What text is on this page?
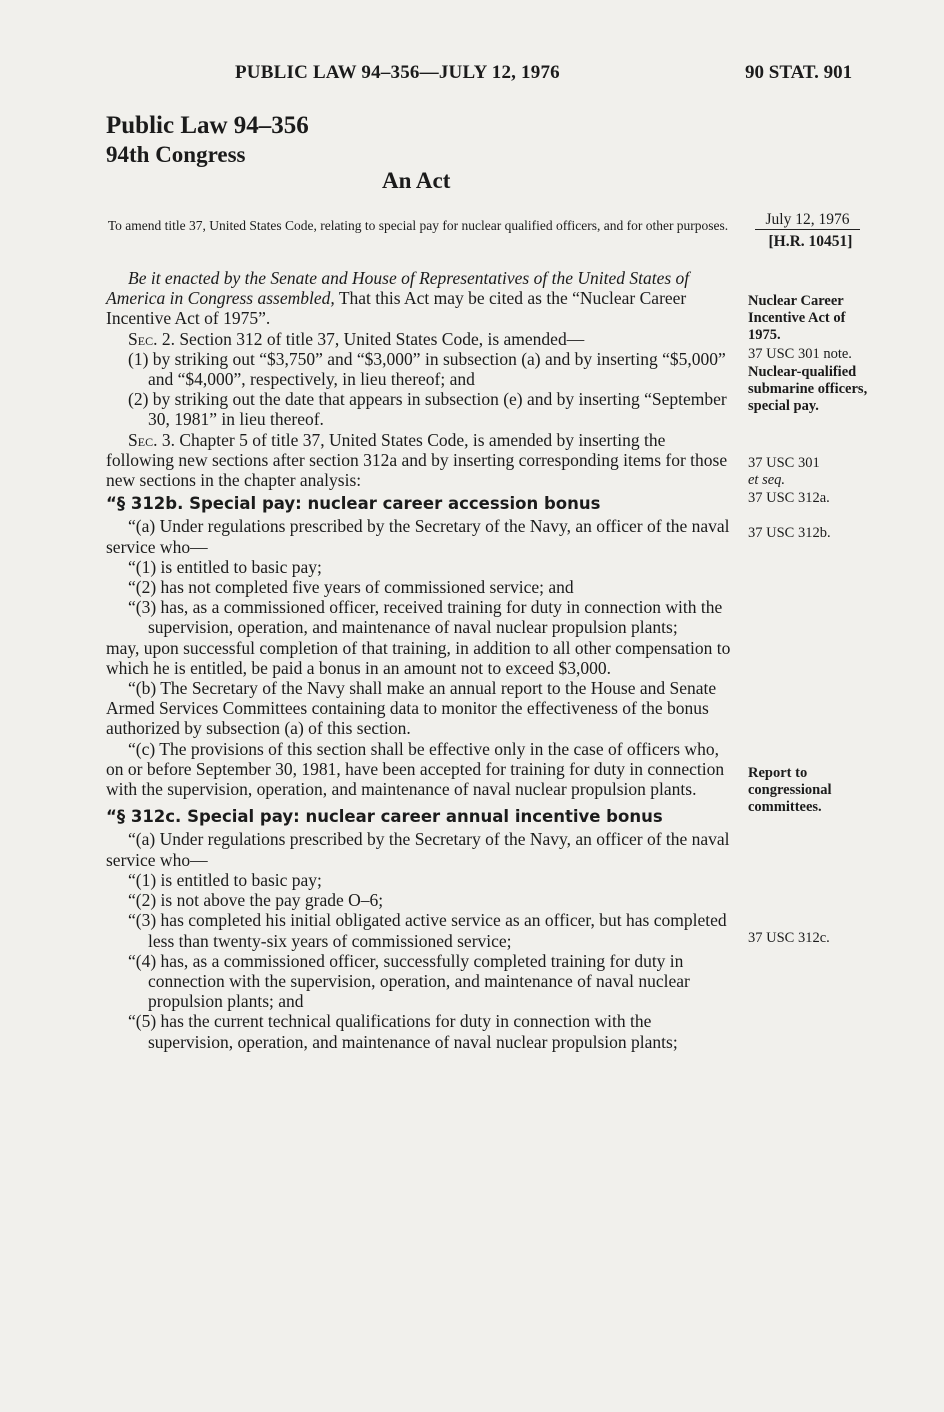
PUBLIC LAW 94–356—JULY 12, 1976	90 STAT. 901
Public Law 94–356
94th Congress
An Act
To amend title 37, United States Code, relating to special pay for nuclear qualified officers, and for other purposes.	July 12, 1976
[H.R. 10451]

Be it enacted by the Senate and House of Representatives of the United States of America in Congress assembled, That this Act may be cited as the “Nuclear Career Incentive Act of 1975”.

Sec. 2. Section 312 of title 37, United States Code, is amended—

(1) by striking out “$3,750” and “$3,000” in subsection (a) and by inserting “$5,000” and “$4,000”, respectively, in lieu thereof; and

(2) by striking out the date that appears in subsection (e) and by inserting “September 30, 1981” in lieu thereof.

Sec. 3. Chapter 5 of title 37, United States Code, is amended by inserting the following new sections after section 312a and by inserting corresponding items for those new sections in the chapter analysis:

“§ 312b. Special pay: nuclear career accession bonus

“(a) Under regulations prescribed by the Secretary of the Navy, an officer of the naval service who—

“(1) is entitled to basic pay;

“(2) has not completed five years of commissioned service; and

“(3) has, as a commissioned officer, received training for duty in connection with the supervision, operation, and maintenance of naval nuclear propulsion plants;

may, upon successful completion of that training, in addition to all other compensation to which he is entitled, be paid a bonus in an amount not to exceed $3,000.

“(b) The Secretary of the Navy shall make an annual report to the House and Senate Armed Services Committees containing data to monitor the effectiveness of the bonus authorized by subsection (a) of this section.

“(c) The provisions of this section shall be effective only in the case of officers who, on or before September 30, 1981, have been accepted for training for duty in connection with the supervision, operation, and maintenance of naval nuclear propulsion plants.

“§ 312c. Special pay: nuclear career annual incentive bonus

“(a) Under regulations prescribed by the Secretary of the Navy, an officer of the naval service who—

“(1) is entitled to basic pay;

“(2) is not above the pay grade O–6;

“(3) has completed his initial obligated active service as an officer, but has completed less than twenty-six years of commissioned service;

“(4) has, as a commissioned officer, successfully completed training for duty in connection with the supervision, operation, and maintenance of naval nuclear propulsion plants; and

“(5) has the current technical qualifications for duty in connection with the supervision, operation, and maintenance of naval nuclear propulsion plants;

Nuclear Career Incentive Act of 1975.
37 USC 301 note.
Nuclear-qualified submarine officers, special pay.
37 USC 301
et seq.
37 USC 312a.
37 USC 312b.
Report to congressional committees.
37 USC 312c.
